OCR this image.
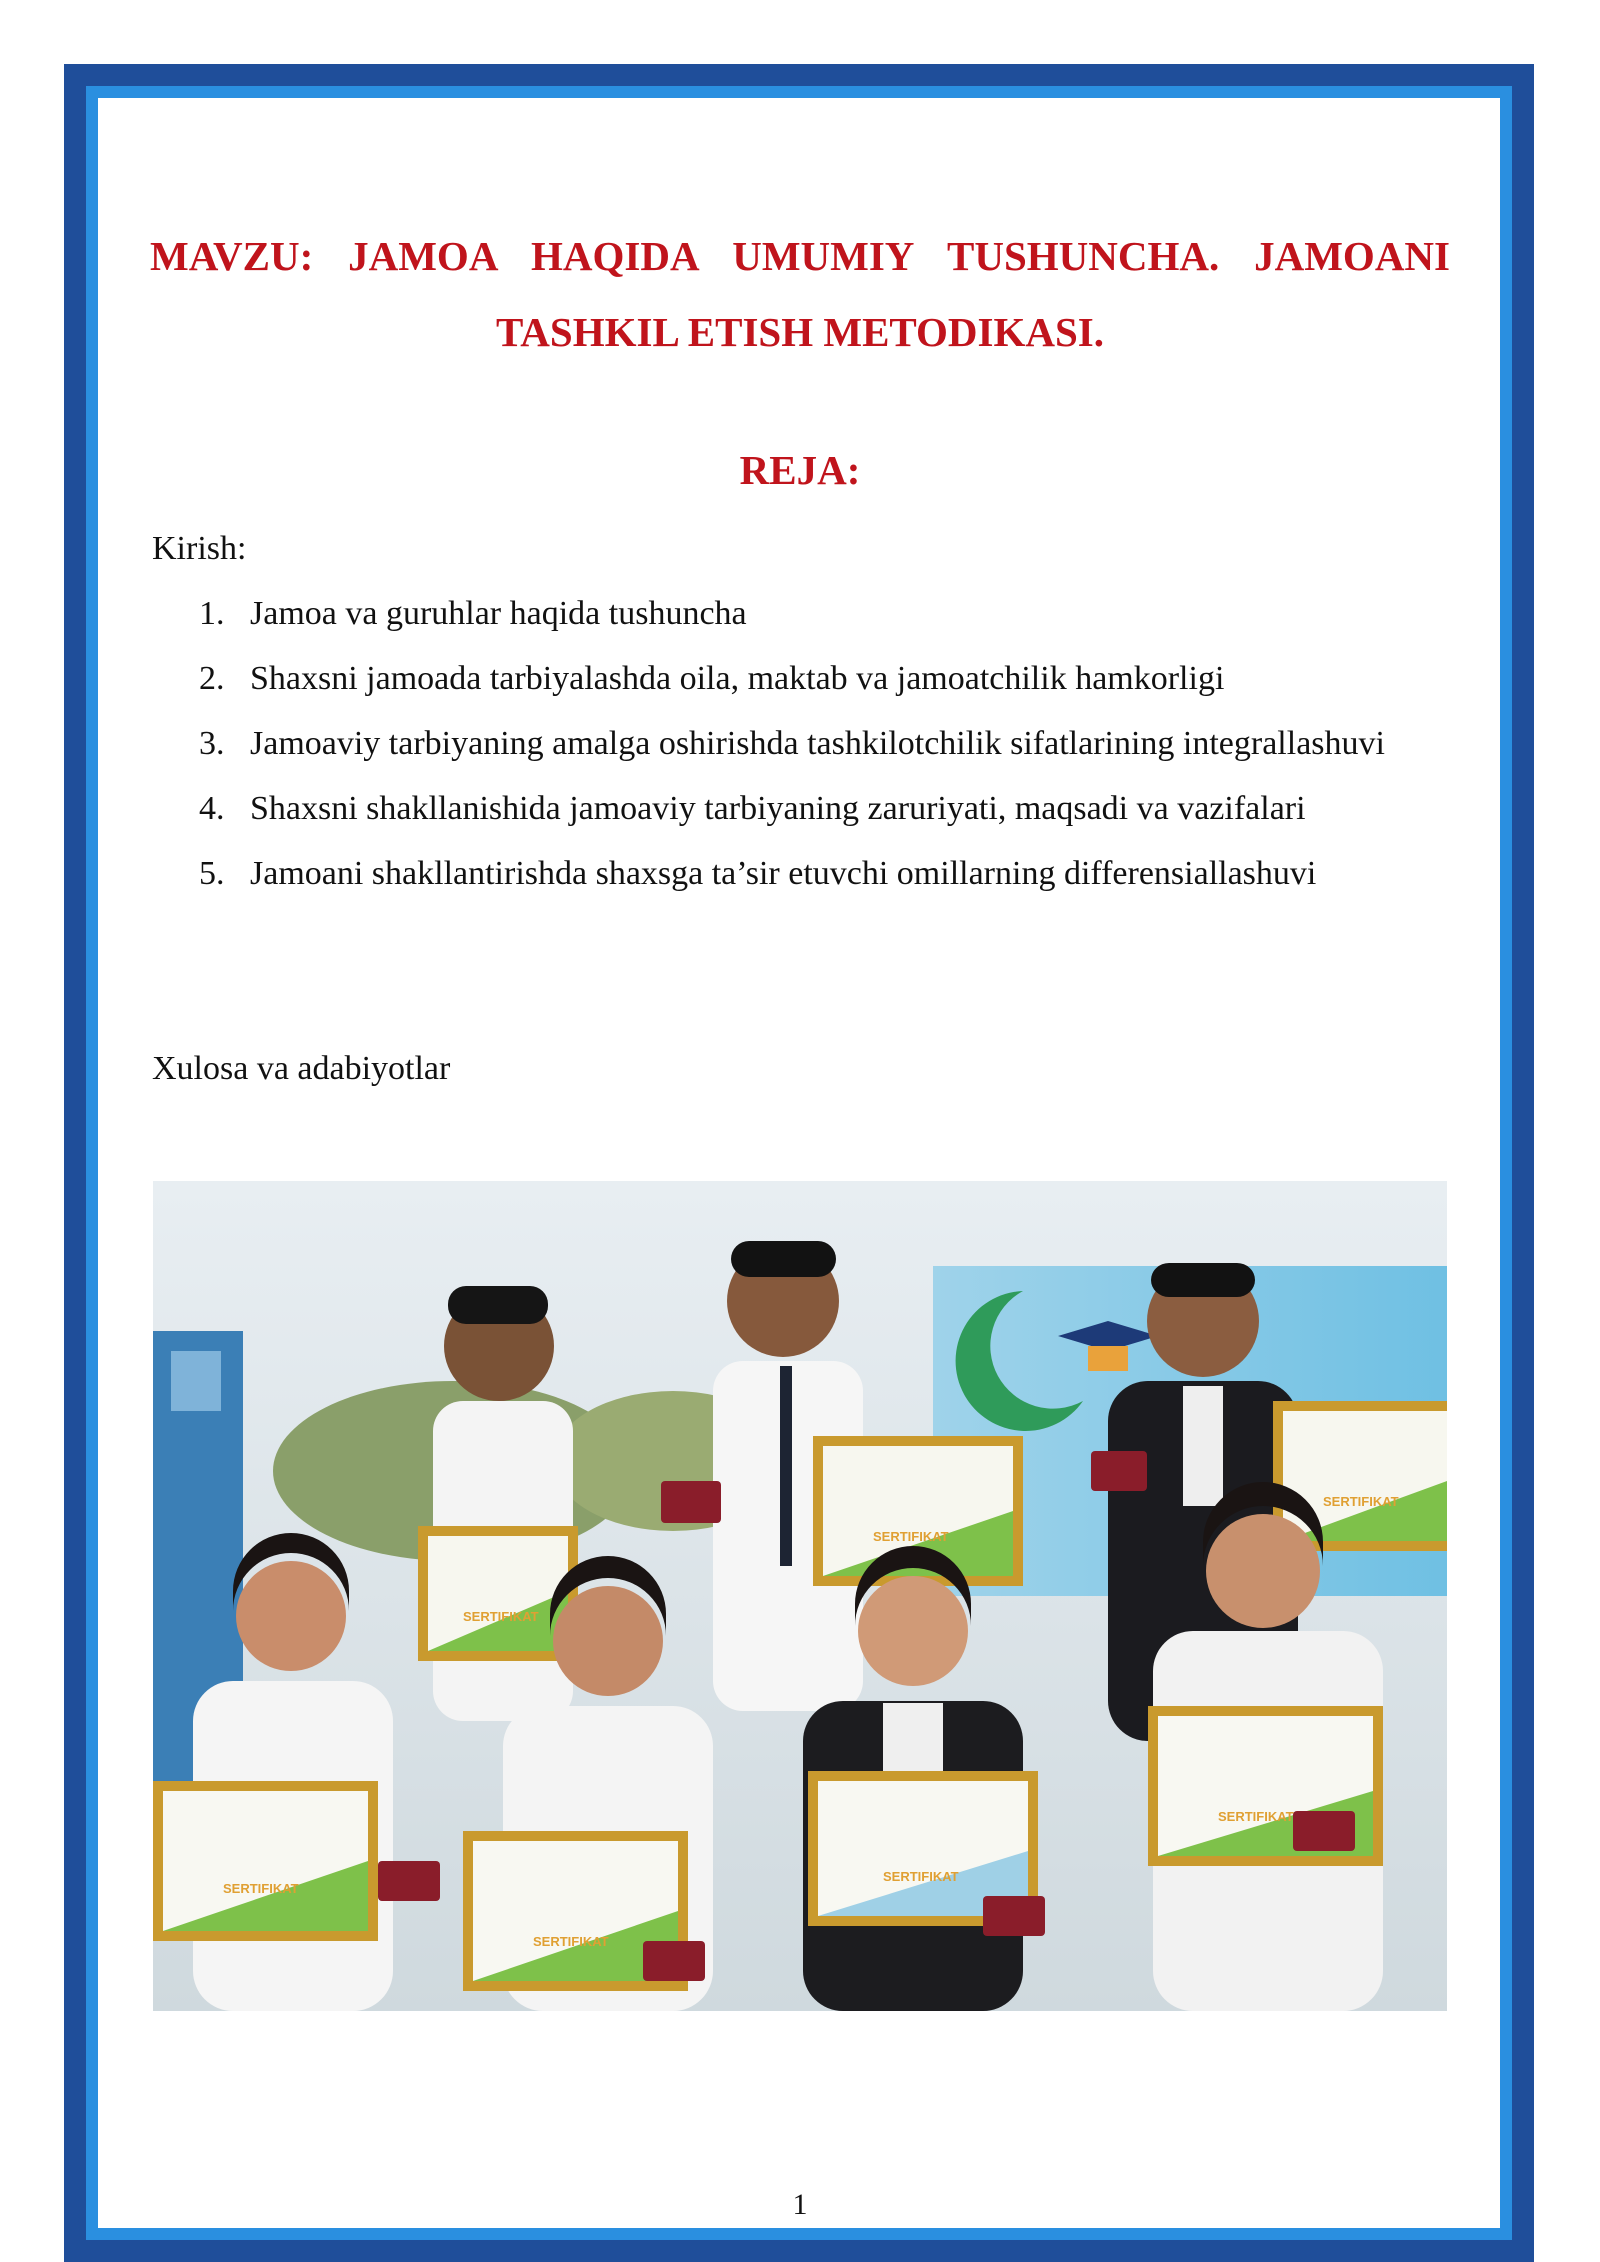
MAVZU: JAMOA HAQIDA UMUMIY TUSHUNCHA. JAMOANI
TASHKIL ETISH METODIKASI.
REJA:

Kirish:

1. Jamoa va guruhlar haqida tushuncha
2. Shaxsni jamoada tarbiyalashda oila, maktab va jamoatchilik hamkorligi
3. Jamoaviy tarbiyaning amalga oshirishda tashkilotchilik sifatlarining integrallashuvi
4. Shaxsni shakllanishida jamoaviy tarbiyaning zaruriyati, maqsadi va vazifalari
5. Jamoani shakllantirishda shaxsga ta’sir etuvchi omillarning differensiallashuvi

Xulosa va adabiyotlar

SERTIFIKAT
SERTIFIKAT
SERTIFIKAT
SERTIFIKAT
SERTIFIKAT
SERTIFIKAT
SERTIFIKAT

1
